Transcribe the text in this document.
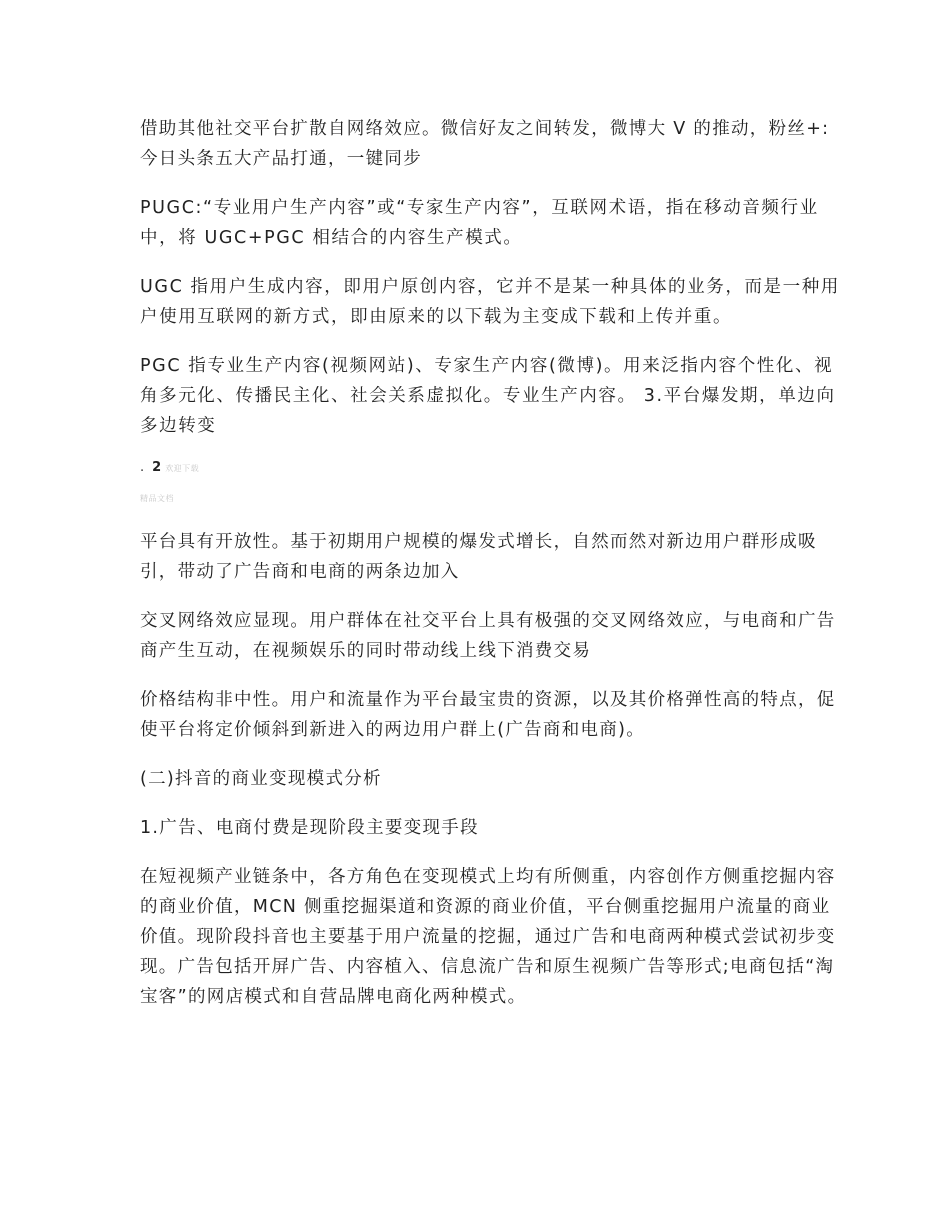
借助其他社交平台扩散自网络效应。微信好友之间转发，微博大 V 的推动，粉丝+:今日头条五大产品打通，一键同步

PUGC:“专业用户生产内容”或“专家生产内容”，互联网术语，指在移动音频行业中，将 UGC+PGC 相结合的内容生产模式。

UGC 指用户生成内容，即用户原创内容，它并不是某一种具体的业务，而是一种用户使用互联网的新方式，即由原来的以下载为主变成下载和上传并重。

PGC 指专业生产内容(视频网站)、专家生产内容(微博)。用来泛指内容个性化、视角多元化、传播民主化、社会关系虚拟化。专业生产内容。 3.平台爆发期，单边向多边转变

. 2 欢迎下载
精品文档

平台具有开放性。基于初期用户规模的爆发式增长，自然而然对新边用户群形成吸引，带动了广告商和电商的两条边加入

交叉网络效应显现。用户群体在社交平台上具有极强的交叉网络效应，与电商和广告商产生互动，在视频娱乐的同时带动线上线下消费交易

价格结构非中性。用户和流量作为平台最宝贵的资源，以及其价格弹性高的特点，促使平台将定价倾斜到新进入的两边用户群上(广告商和电商)。

(二)抖音的商业变现模式分析

1.广告、电商付费是现阶段主要变现手段

在短视频产业链条中，各方角色在变现模式上均有所侧重，内容创作方侧重挖掘内容的商业价值，MCN 侧重挖掘渠道和资源的商业价值，平台侧重挖掘用户流量的商业价值。现阶段抖音也主要基于用户流量的挖掘，通过广告和电商两种模式尝试初步变现。广告包括开屏广告、内容植入、信息流广告和原生视频广告等形式;电商包括“淘宝客”的网店模式和自营品牌电商化两种模式。
